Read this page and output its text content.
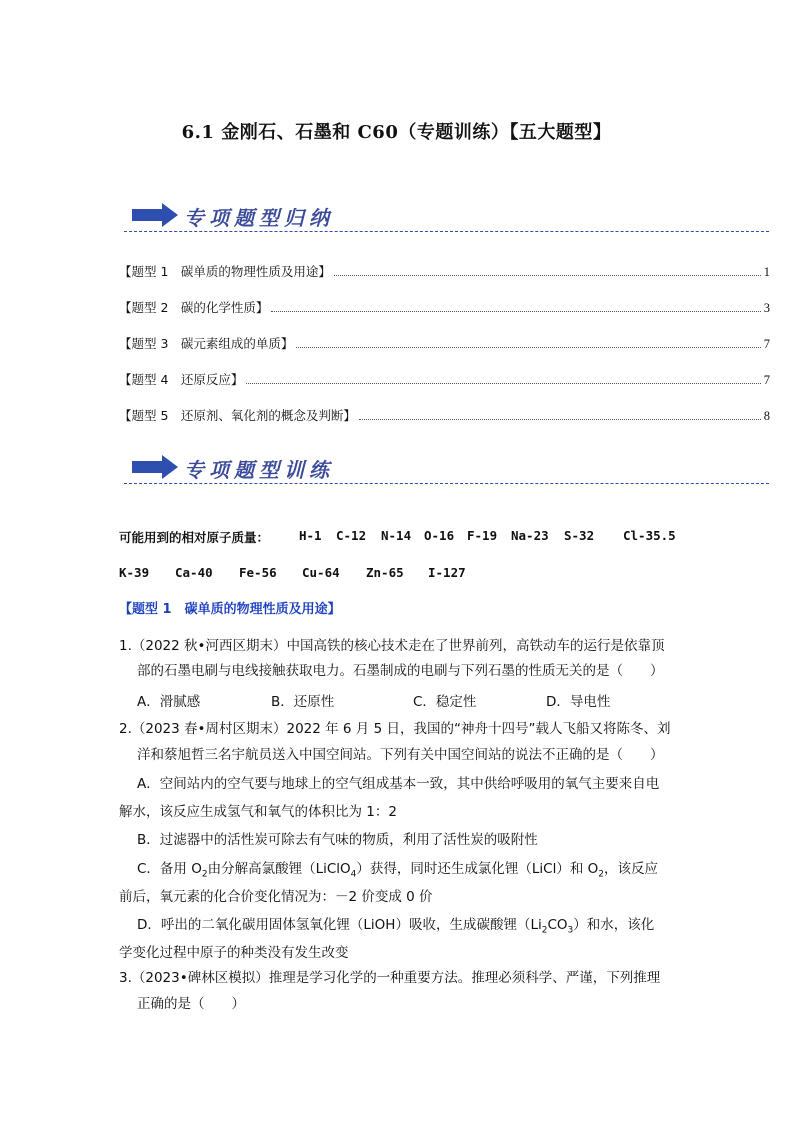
6.1 金刚石、石墨和 C60（专题训练）【五大题型】
专项题型归纳
【题型 1　碳单质的物理性质及用途】	1
【题型 2　碳的化学性质】	3
【题型 3　碳元素组成的单质】	7
【题型 4　还原反应】	7
【题型 5　还原剂、氧化剂的概念及判断】	8
专项题型训练
可能用到的相对原子质量： H-1 C-12 N-14 O-16 F-19 Na-23 S-32 Cl-35.5
K-39 Ca-40 Fe-56 Cu-64 Zn-65 I-127
【题型 1　碳单质的物理性质及用途】
1.（2022 秋•河西区期末）中国高铁的核心技术走在了世界前列，高铁动车的运行是依靠顶
部的石墨电刷与电线接触获取电力。石墨制成的电刷与下列石墨的性质无关的是（　　）
A．滑腻感	B．还原性	C．稳定性	D．导电性
2.（2023 春•周村区期末）2022 年 6 月 5 日，我国的“神舟十四号”载人飞船又将陈冬、刘
洋和蔡旭哲三名宇航员送入中国空间站。下列有关中国空间站的说法不正确的是（　　）
A．空间站内的空气要与地球上的空气组成基本一致，其中供给呼吸用的氧气主要来自电
解水，该反应生成氢气和氧气的体积比为 1：2
B．过滤器中的活性炭可除去有气味的物质，利用了活性炭的吸附性
C．备用 $O_2$由分解高氯酸锂（LiClO$_4$）获得，同时还生成氯化锂（LiCl）和 $O_2$，该反应
前后，氧元素的化合价变化情况为：－2 价变成 0 价
D．呼出的二氧化碳用固体氢氧化锂（LiOH）吸收，生成碳酸锂$(Li_2CO_3)$和水，该化
学变化过程中原子的种类没有发生改变
3.（2023•碑林区模拟）推理是学习化学的一种重要方法。推理必须科学、严谨，下列推理
正确的是（　　）
